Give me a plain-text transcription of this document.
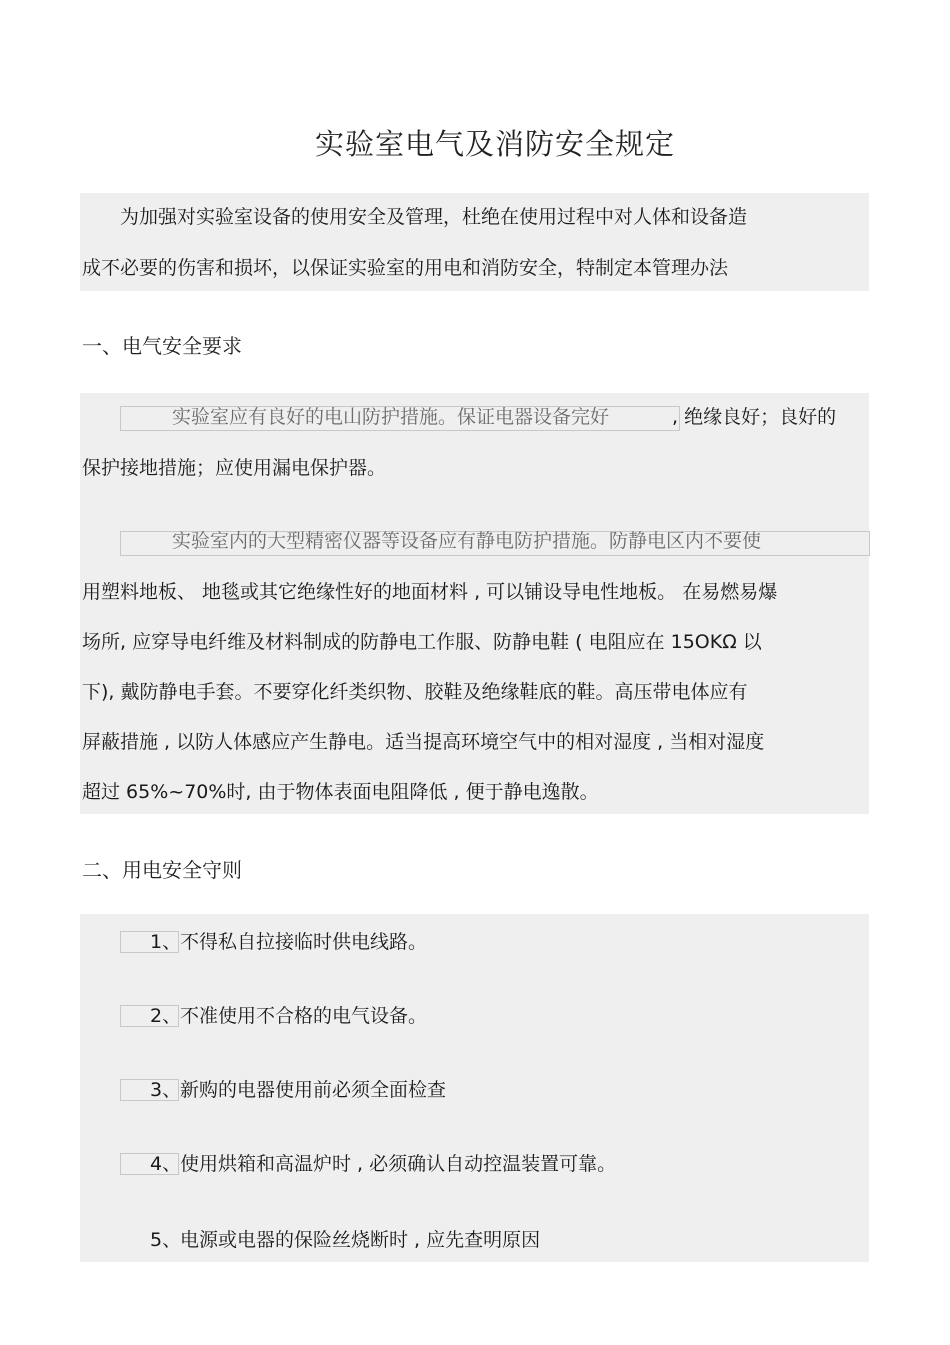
实验室电气及消防安全规定
为加强对实验室设备的使用安全及管理，杜绝在使用过程中对人体和设备造
成不必要的伤害和损坏，以保证实验室的用电和消防安全，特制定本管理办法
一、电气安全要求
实验室应有良好的电山防护措施。保证电器设备完好	, 绝缘良好；良好的
保护接地措施；应使用漏电保护器。
实验室内的大型精密仪器等设备应有静电防护措施。防静电区内不要使
用塑料地板、 地毯或其它绝缘性好的地面材料 , 可以铺设导电性地板。 在易燃易爆
场所, 应穿导电纤维及材料制成的防静电工作服、防静电鞋 ( 电阻应在 15OKΩ 以
下), 戴防静电手套。不要穿化纤类织物、胶鞋及绝缘鞋底的鞋。高压带电体应有
屏蔽措施 , 以防人体感应产生静电。适当提高环境空气中的相对湿度 , 当相对湿度
超过 65%~70%时, 由于物体表面电阻降低 , 便于静电逸散。
二、用电安全守则
1、
不得私自拉接临时供电线路。
2、
不准使用不合格的电气设备。
3、
新购的电器使用前必须全面检查
4、
使用烘箱和高温炉时 , 必须确认自动控温装置可靠。
5、
电源或电器的保险丝烧断时 , 应先查明原因
